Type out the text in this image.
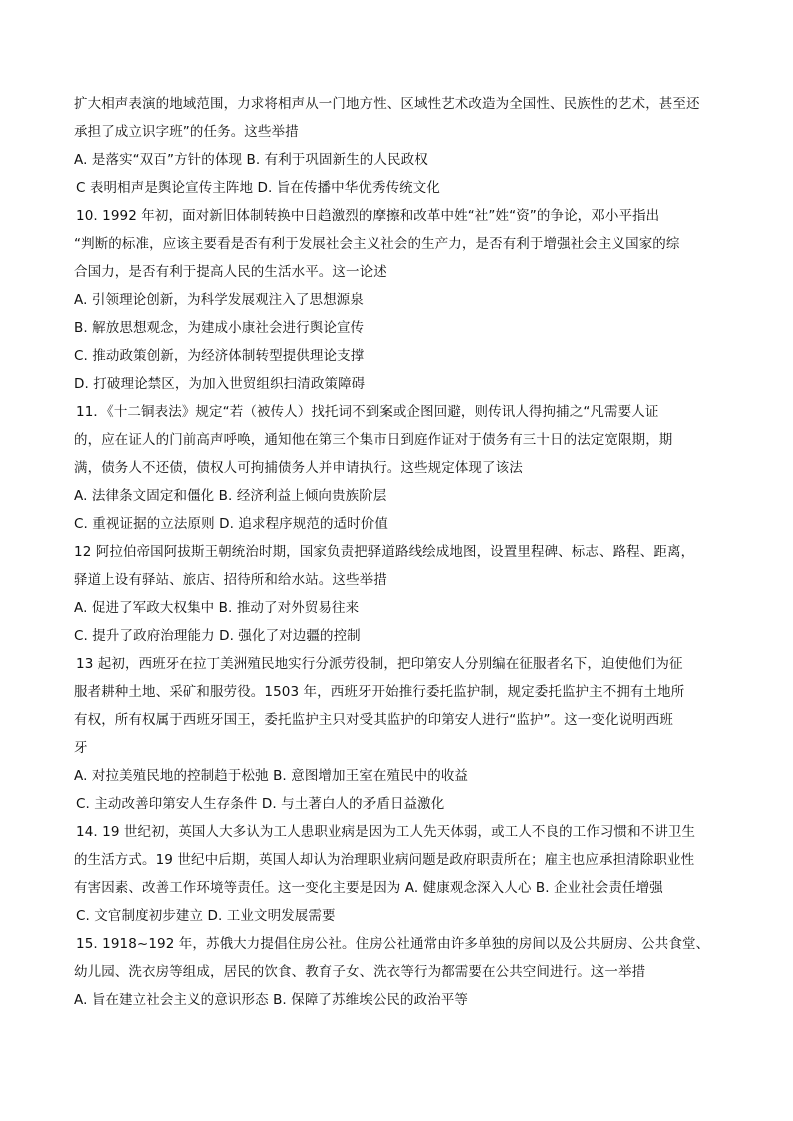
扩大相声表演的地域范围，力求将相声从一门地方性、区域性艺术改造为全国性、民族性的艺术，甚至还
承担了成立识字班”的任务。这些举措
A. 是落实“双百”方针的体现 B. 有利于巩固新生的人民政权
C 表明相声是舆论宣传主阵地 D. 旨在传播中华优秀传统文化
10. 1992 年初，面对新旧体制转换中日趋激烈的摩擦和改革中姓“社”姓“资”的争论，邓小平指出
“判断的标准，应该主要看是否有利于发展社会主义社会的生产力，是否有利于增强社会主义国家的综
合国力，是否有利于提高人民的生活水平。这一论述
A. 引领理论创新，为科学发展观注入了思想源泉
B. 解放思想观念，为建成小康社会进行舆论宣传
C. 推动政策创新，为经济体制转型提供理论支撑
D. 打破理论禁区，为加入世贸组织扫清政策障碍
11．《十二铜表法》规定“若（被传人）找托词不到案或企图回避，则传讯人得拘捕之“凡需要人证
的，应在证人的门前高声呼唤，通知他在第三个集市日到庭作证对于债务有三十日的法定宽限期，期
满，债务人不还债，债权人可拘捕债务人并申请执行。这些规定体现了该法
A. 法律条文固定和僵化 B. 经济利益上倾向贵族阶层
C. 重视证据的立法原则 D. 追求程序规范的适时价值
12 阿拉伯帝国阿拔斯王朝统治时期，国家负责把驿道路线绘成地图，设置里程碑、标志、路程、距离，
驿道上设有驿站、旅店、招待所和给水站。这些举措
A. 促进了军政大权集中 B. 推动了对外贸易往来
C. 提升了政府治理能力 D. 强化了对边疆的控制
13 起初，西班牙在拉丁美洲殖民地实行分派劳役制，把印第安人分别编在征服者名下，迫使他们为征
服者耕种土地、采矿和服劳役。1503 年，西班牙开始推行委托监护制，规定委托监护主不拥有土地所
有权，所有权属于西班牙国王，委托监护主只对受其监护的印第安人进行“监护”。这一变化说明西班
牙
A. 对拉美殖民地的控制趋于松弛 B. 意图增加王室在殖民中的收益
C. 主动改善印第安人生存条件 D. 与土著白人的矛盾日益激化
14. 19 世纪初，英国人大多认为工人患职业病是因为工人先天体弱，或工人不良的工作习惯和不讲卫生
的生活方式。19 世纪中后期，英国人却认为治理职业病问题是政府职责所在；雇主也应承担清除职业性
有害因素、改善工作环境等责任。这一变化主要是因为 A. 健康观念深入人心 B. 企业社会责任增强
C. 文官制度初步建立 D. 工业文明发展需要
15. 1918~192 年，苏俄大力提倡住房公社。住房公社通常由许多单独的房间以及公共厨房、公共食堂、
幼儿园、洗衣房等组成，居民的饮食、教育子女、洗衣等行为都需要在公共空间进行。这一举措
A. 旨在建立社会主义的意识形态 B. 保障了苏维埃公民的政治平等
